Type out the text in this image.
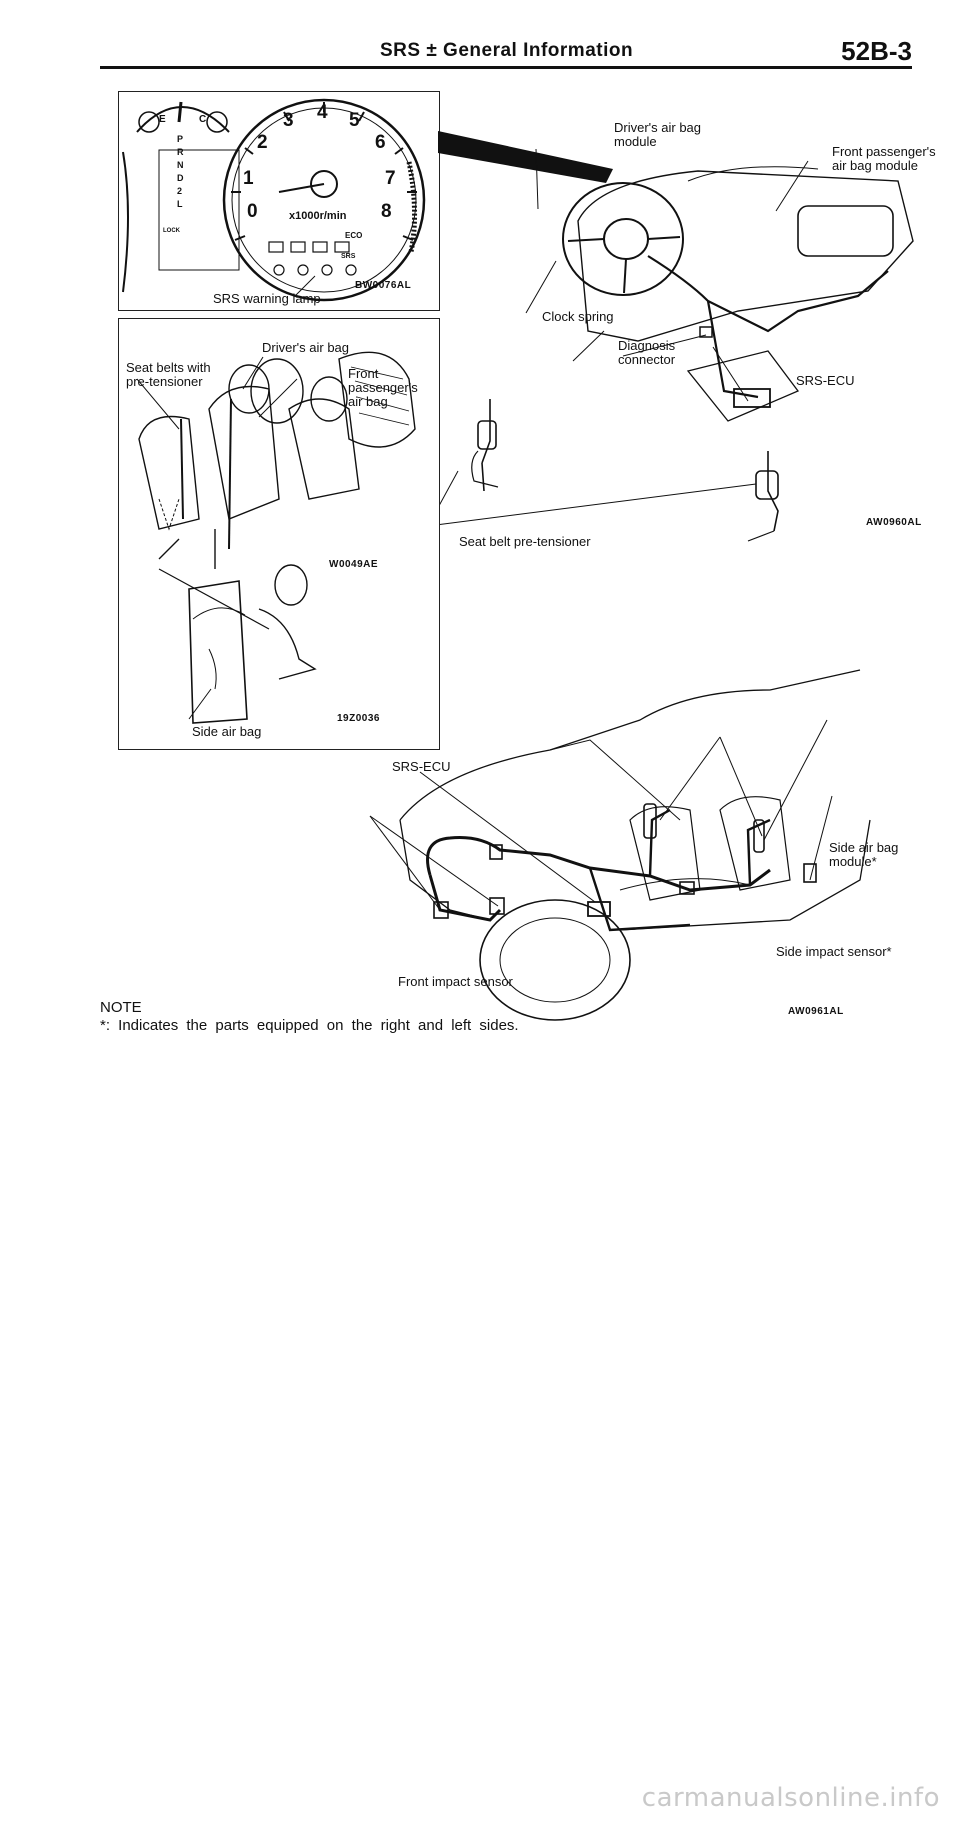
SRS ± General Information	52B-3
0
1
2
3 4 5
6
7
8
x1000r/min
E	C
P
R
N
D
2
L
LOCK	ECO
SRS
BW0076AL
SRS warning lamp
Driver's air bag
module
Front passenger's
air bag module
Clock spring
Diagnosis
connector
SRS-ECU
AW0960AL
Seat belt pre-tensioner
Seat belts with
pre-tensioner
Driver's air bag
Front
passenger's
air bag
W0049AE
19Z0036
Side air bag
SRS-ECU
Side air bag
module*
Side impact sensor*
Front impact sensor
AW0961AL
NOTE
*: Indicates the parts equipped on the right and left sides.
carmanualsonline.info
